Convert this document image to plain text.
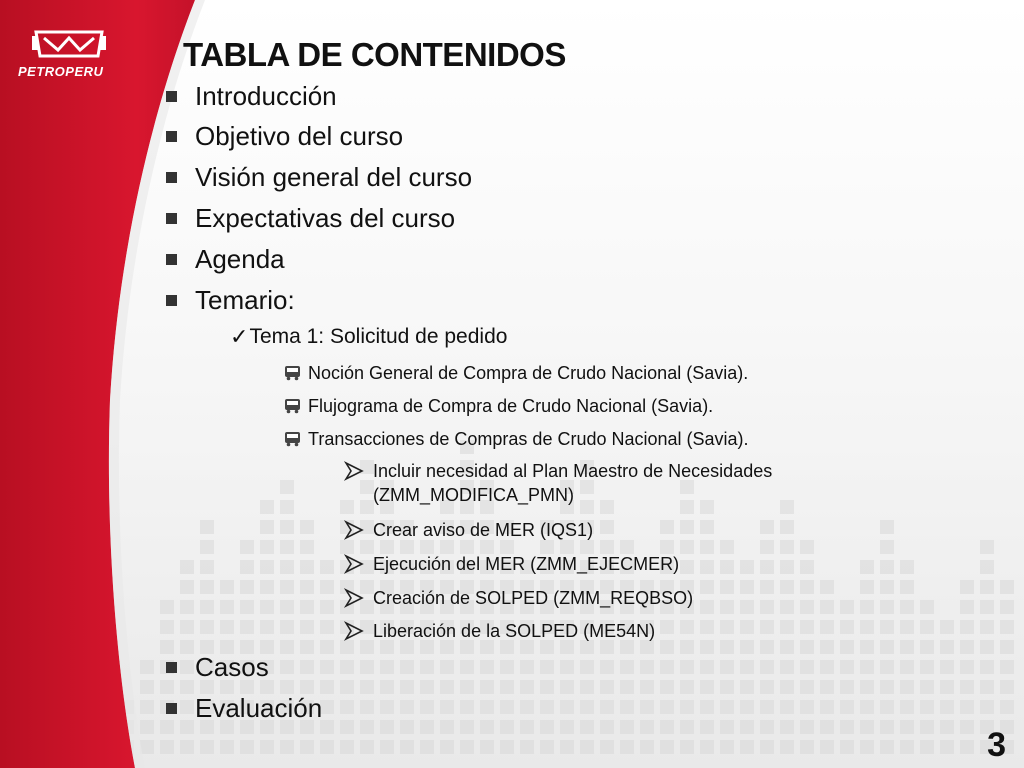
PETROPERU TABLA DE CONTENIDOS
Introducción
Objetivo del curso
Visión general del curso
Expectativas del curso
Agenda
Temario:
✓ Tema 1: Solicitud de pedido
Noción General de Compra de Crudo Nacional (Savia).
Flujograma de Compra de Crudo Nacional (Savia).
Transacciones de Compras de Crudo Nacional (Savia).
Incluir necesidad al Plan Maestro de Necesidades (ZMM_MODIFICA_PMN)
Crear aviso de MER (IQS1)
Ejecución del MER (ZMM_EJECMER)
Creación de SOLPED (ZMM_REQBSO)
Liberación de la SOLPED (ME54N)
Casos
Evaluación
3
